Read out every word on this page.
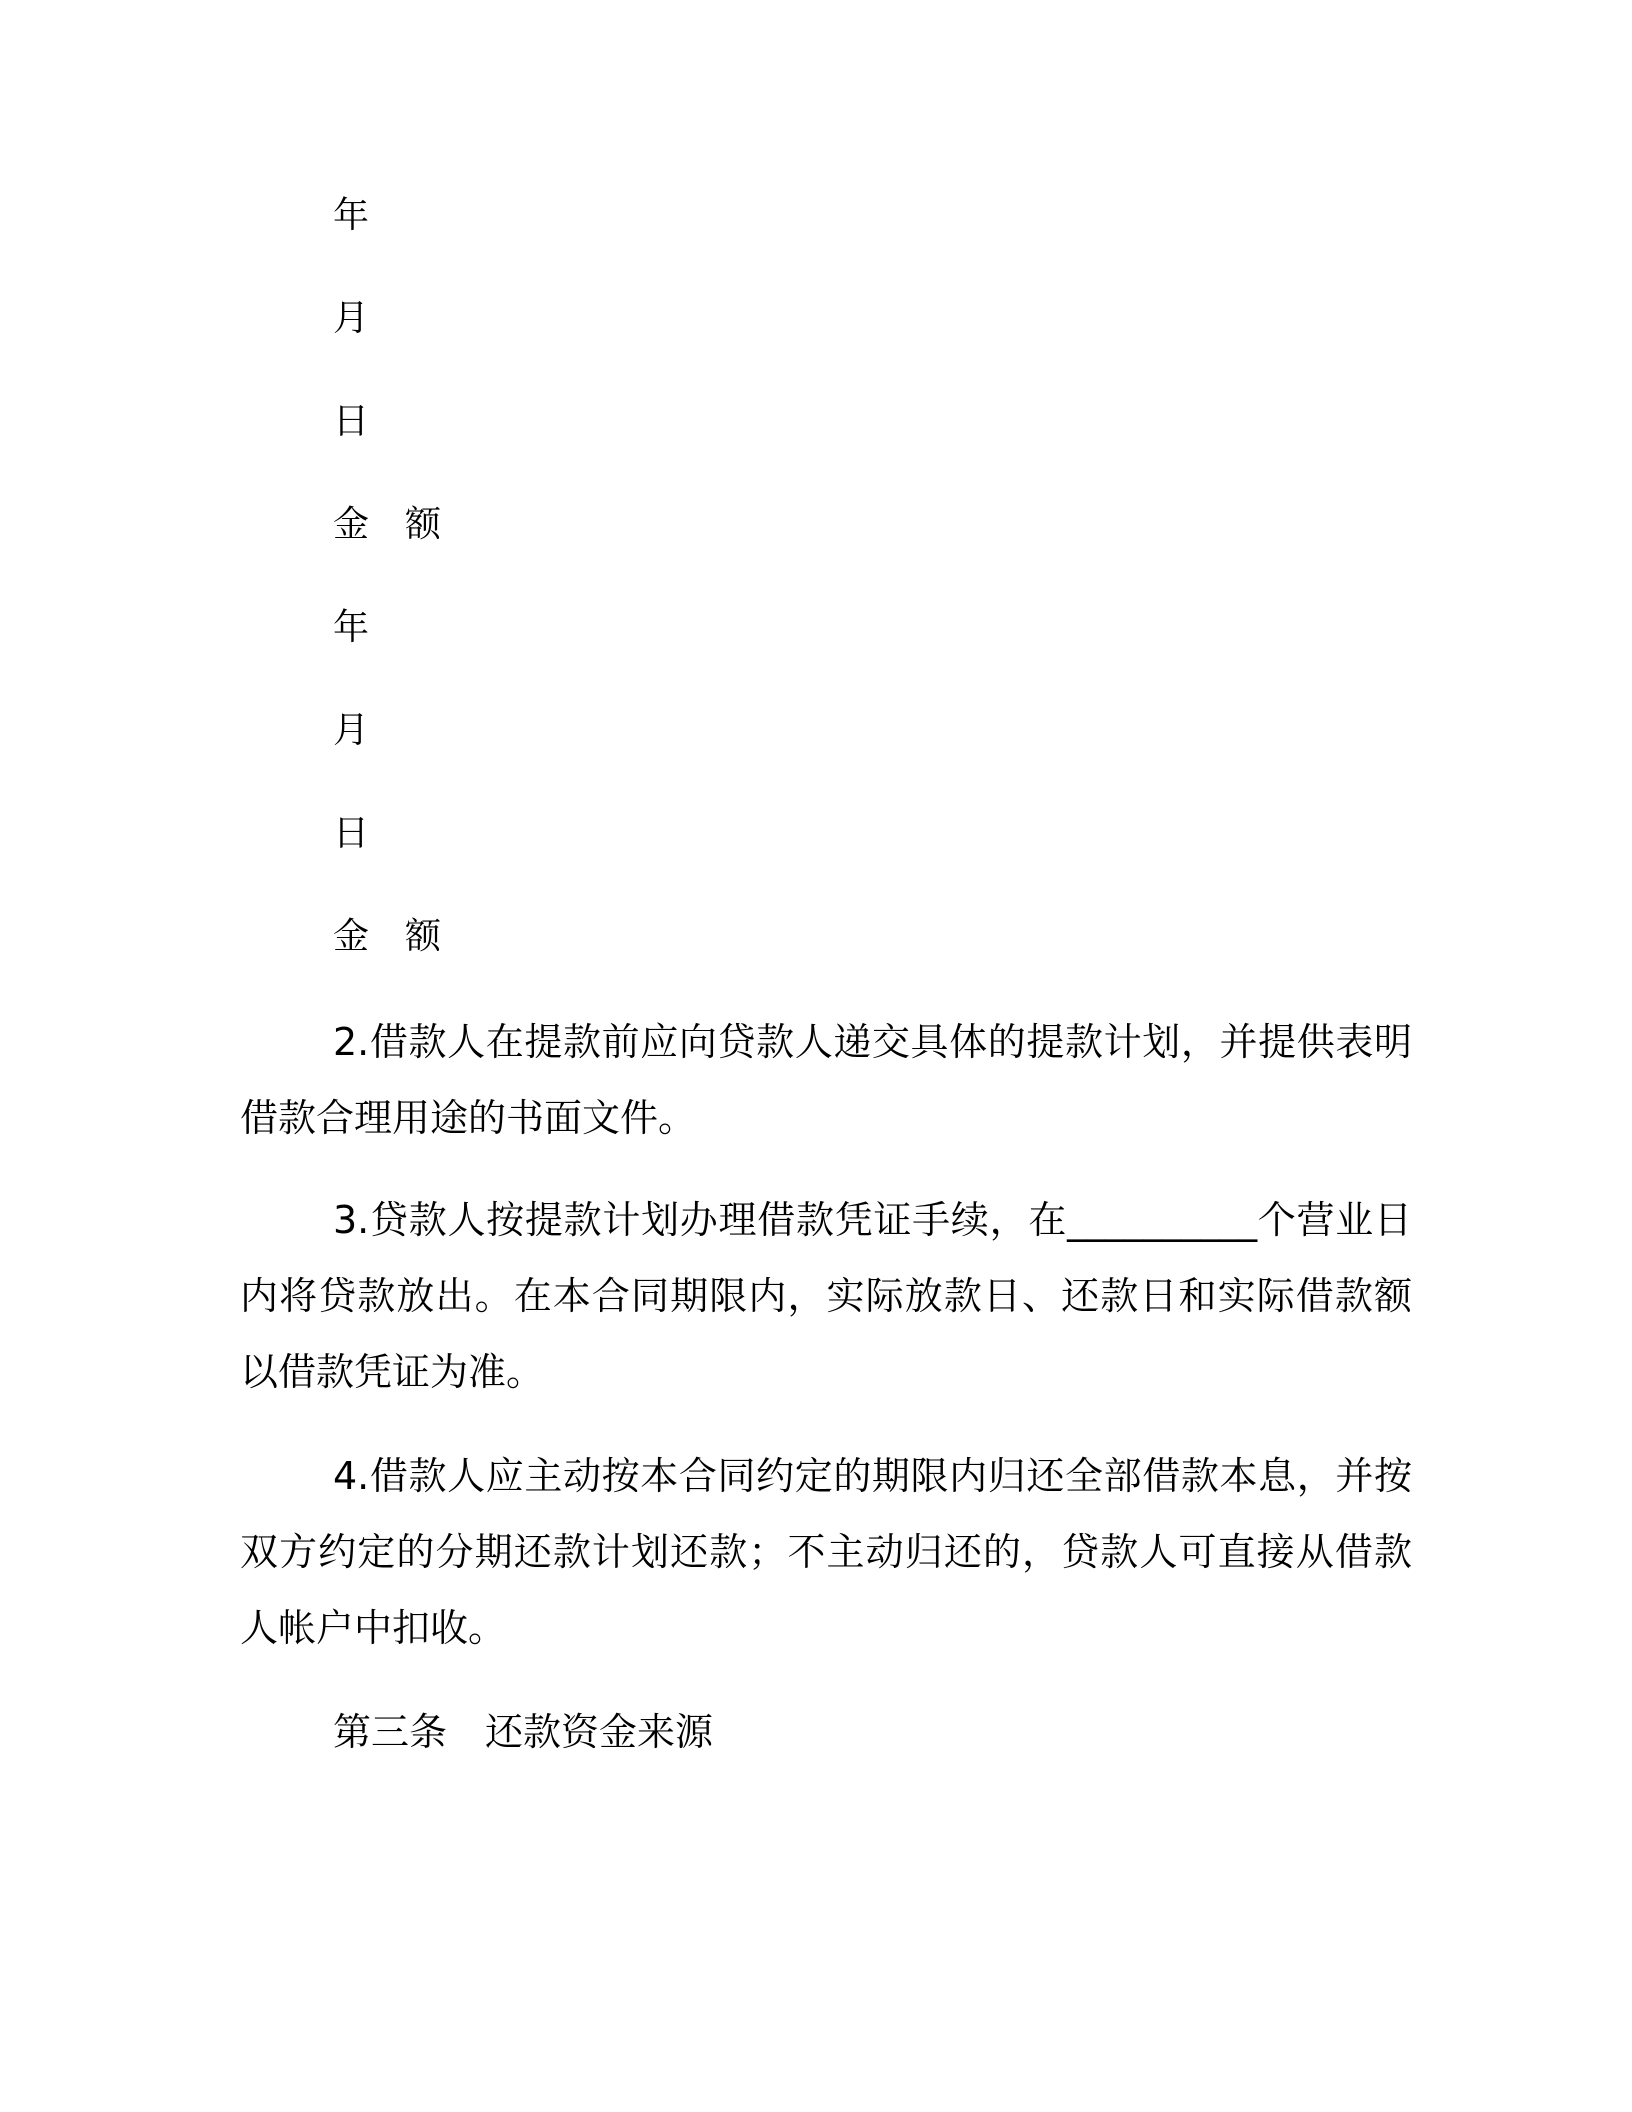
年
月
日
金　额
年
月
日
金　额

2.借款人在提款前应向贷款人递交具体的提款计划，并提供表明借款合理用途的书面文件。

3.贷款人按提款计划办理借款凭证手续，在__________个营业日内将贷款放出。在本合同期限内，实际放款日、还款日和实际借款额以借款凭证为准。

4.借款人应主动按本合同约定的期限内归还全部借款本息，并按双方约定的分期还款计划还款；不主动归还的，贷款人可直接从借款人帐户中扣收。

第三条　还款资金来源
